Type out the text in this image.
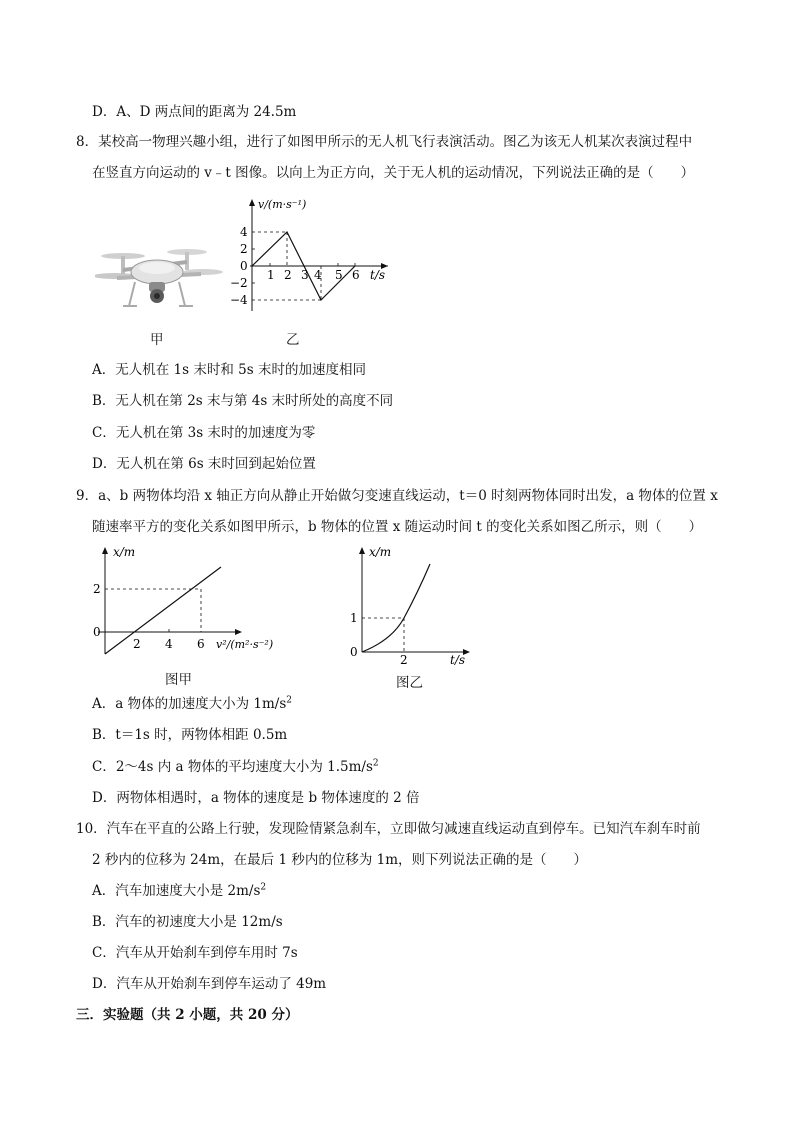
D．A、D 两点间的距离为 24.5m
8．某校高一物理兴趣小组，进行了如图甲所示的无人机飞行表演活动。图乙为该无人机某次表演过程中
在竖直方向运动的 v﹣t 图像。以向上为正方向，关于无人机的运动情况，下列说法正确的是（　　）
甲
v/(m·s⁻¹)
t/s
4
2
0
−2
−4
1 2 3 4 5 6
乙
A．无人机在 1s 末时和 5s 末时的加速度相同
B．无人机在第 2s 末与第 4s 末时所处的高度不同
C．无人机在第 3s 末时的加速度为零
D．无人机在第 6s 末时回到起始位置
9．a、b 两物体均沿 x 轴正方向从静止开始做匀变速直线运动，t＝0 时刻两物体同时出发，a 物体的位置 x
随速率平方的变化关系如图甲所示，b 物体的位置 x 随运动时间 t 的变化关系如图乙所示，则（　　）
x/m
2
0
2 4 6 v²/(m²·s⁻²)
图甲
x/m
1
0
2	t/s
图乙
A．a 物体的加速度大小为 $1m/s^2$
B．t＝1s 时，两物体相距 0.5m
C．2～4s 内 a 物体的平均速度大小为 $1.5m/s^2$
D．两物体相遇时，a 物体的速度是 b 物体速度的 2 倍
10．汽车在平直的公路上行驶，发现险情紧急刹车，立即做匀减速直线运动直到停车。已知汽车刹车时前
2 秒内的位移为 24m，在最后 1 秒内的位移为 1m，则下列说法正确的是（　　）
A．汽车加速度大小是 $2m/s^2$
B．汽车的初速度大小是 12m/s
C．汽车从开始刹车到停车用时 7s
D．汽车从开始刹车到停车运动了 49m
三．实验题（共 2 小题，共 20 分）
